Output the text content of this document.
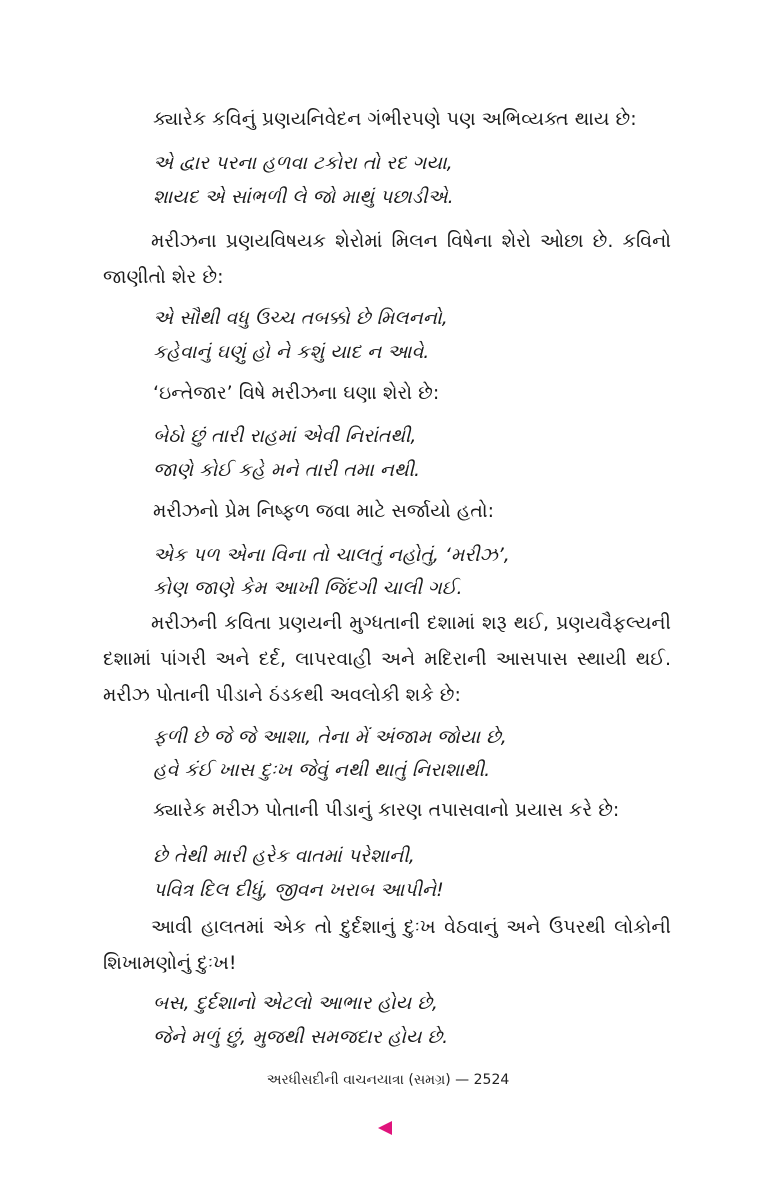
ક્યારેક કવિનું પ્રણયનિવેદન ગંભીરપણે પણ અભિવ્યક્ત થાય છે:

એ દ્વાર પરના હળવા ટકોરા તો રદ ગયા,

શાયદ એ સાંભળી લે જો માથું પછાડીએ.

મરીઝના પ્રણયવિષયક શેરોમાં મિલન વિષેના શેરો ઓછા છે. કવિનો જાણીતો શેર છે:

એ સૌથી વધુ ઉચ્ચ તબક્કો છે મિલનનો,

કહેવાનું ઘણું હો ને કશું યાદ ન આવે.

‘ઇન્તેજાર’ વિષે મરીઝના ઘણા શેરો છે:

બેઠો છું તારી રાહમાં એવી નિરાંતથી,

જાણે કોઈ કહે મને તારી તમા નથી.

મરીઝનો પ્રેમ નિષ્ફળ જવા માટે સર્જાયો હતો:

એક પળ એના વિના તો ચાલતું નહોતું, ‘મરીઝ’,

કોણ જાણે કેમ આખી જિંદગી ચાલી ગઈ.

મરીઝની કવિતા પ્રણયની મુગ્ધતાની દશામાં શરૂ થઈ, પ્રણયવૈફલ્યની દશામાં પાંગરી અને દર્દ, લાપરવાહી અને મદિરાની આસપાસ સ્થાયી થઈ. મરીઝ પોતાની પીડાને ઠંડકથી અવલોકી શકે છે:

ફળી છે જે જે આશા, તેના મેં અંજામ જોયા છે,

હવે કંઈ ખાસ દુઃખ જેવું નથી થાતું નિરાશાથી.

ક્યારેક મરીઝ પોતાની પીડાનું કારણ તપાસવાનો પ્રયાસ કરે છે:

છે તેથી મારી હરેક વાતમાં પરેશાની,

પવિત્ર દિલ દીધું, જીવન ખરાબ આપીને!

આવી હાલતમાં એક તો દુર્દશાનું દુઃખ વેઠવાનું અને ઉપરથી લોકોની શિખામણોનું દુઃખ!

બસ, દુર્દશાનો એટલો આભાર હોય છે,

જેને મળું છું, મુજથી સમજદાર હોય છે.

અરધીસદીની વાચનયાત્રા (સમગ્ર) — 2524
